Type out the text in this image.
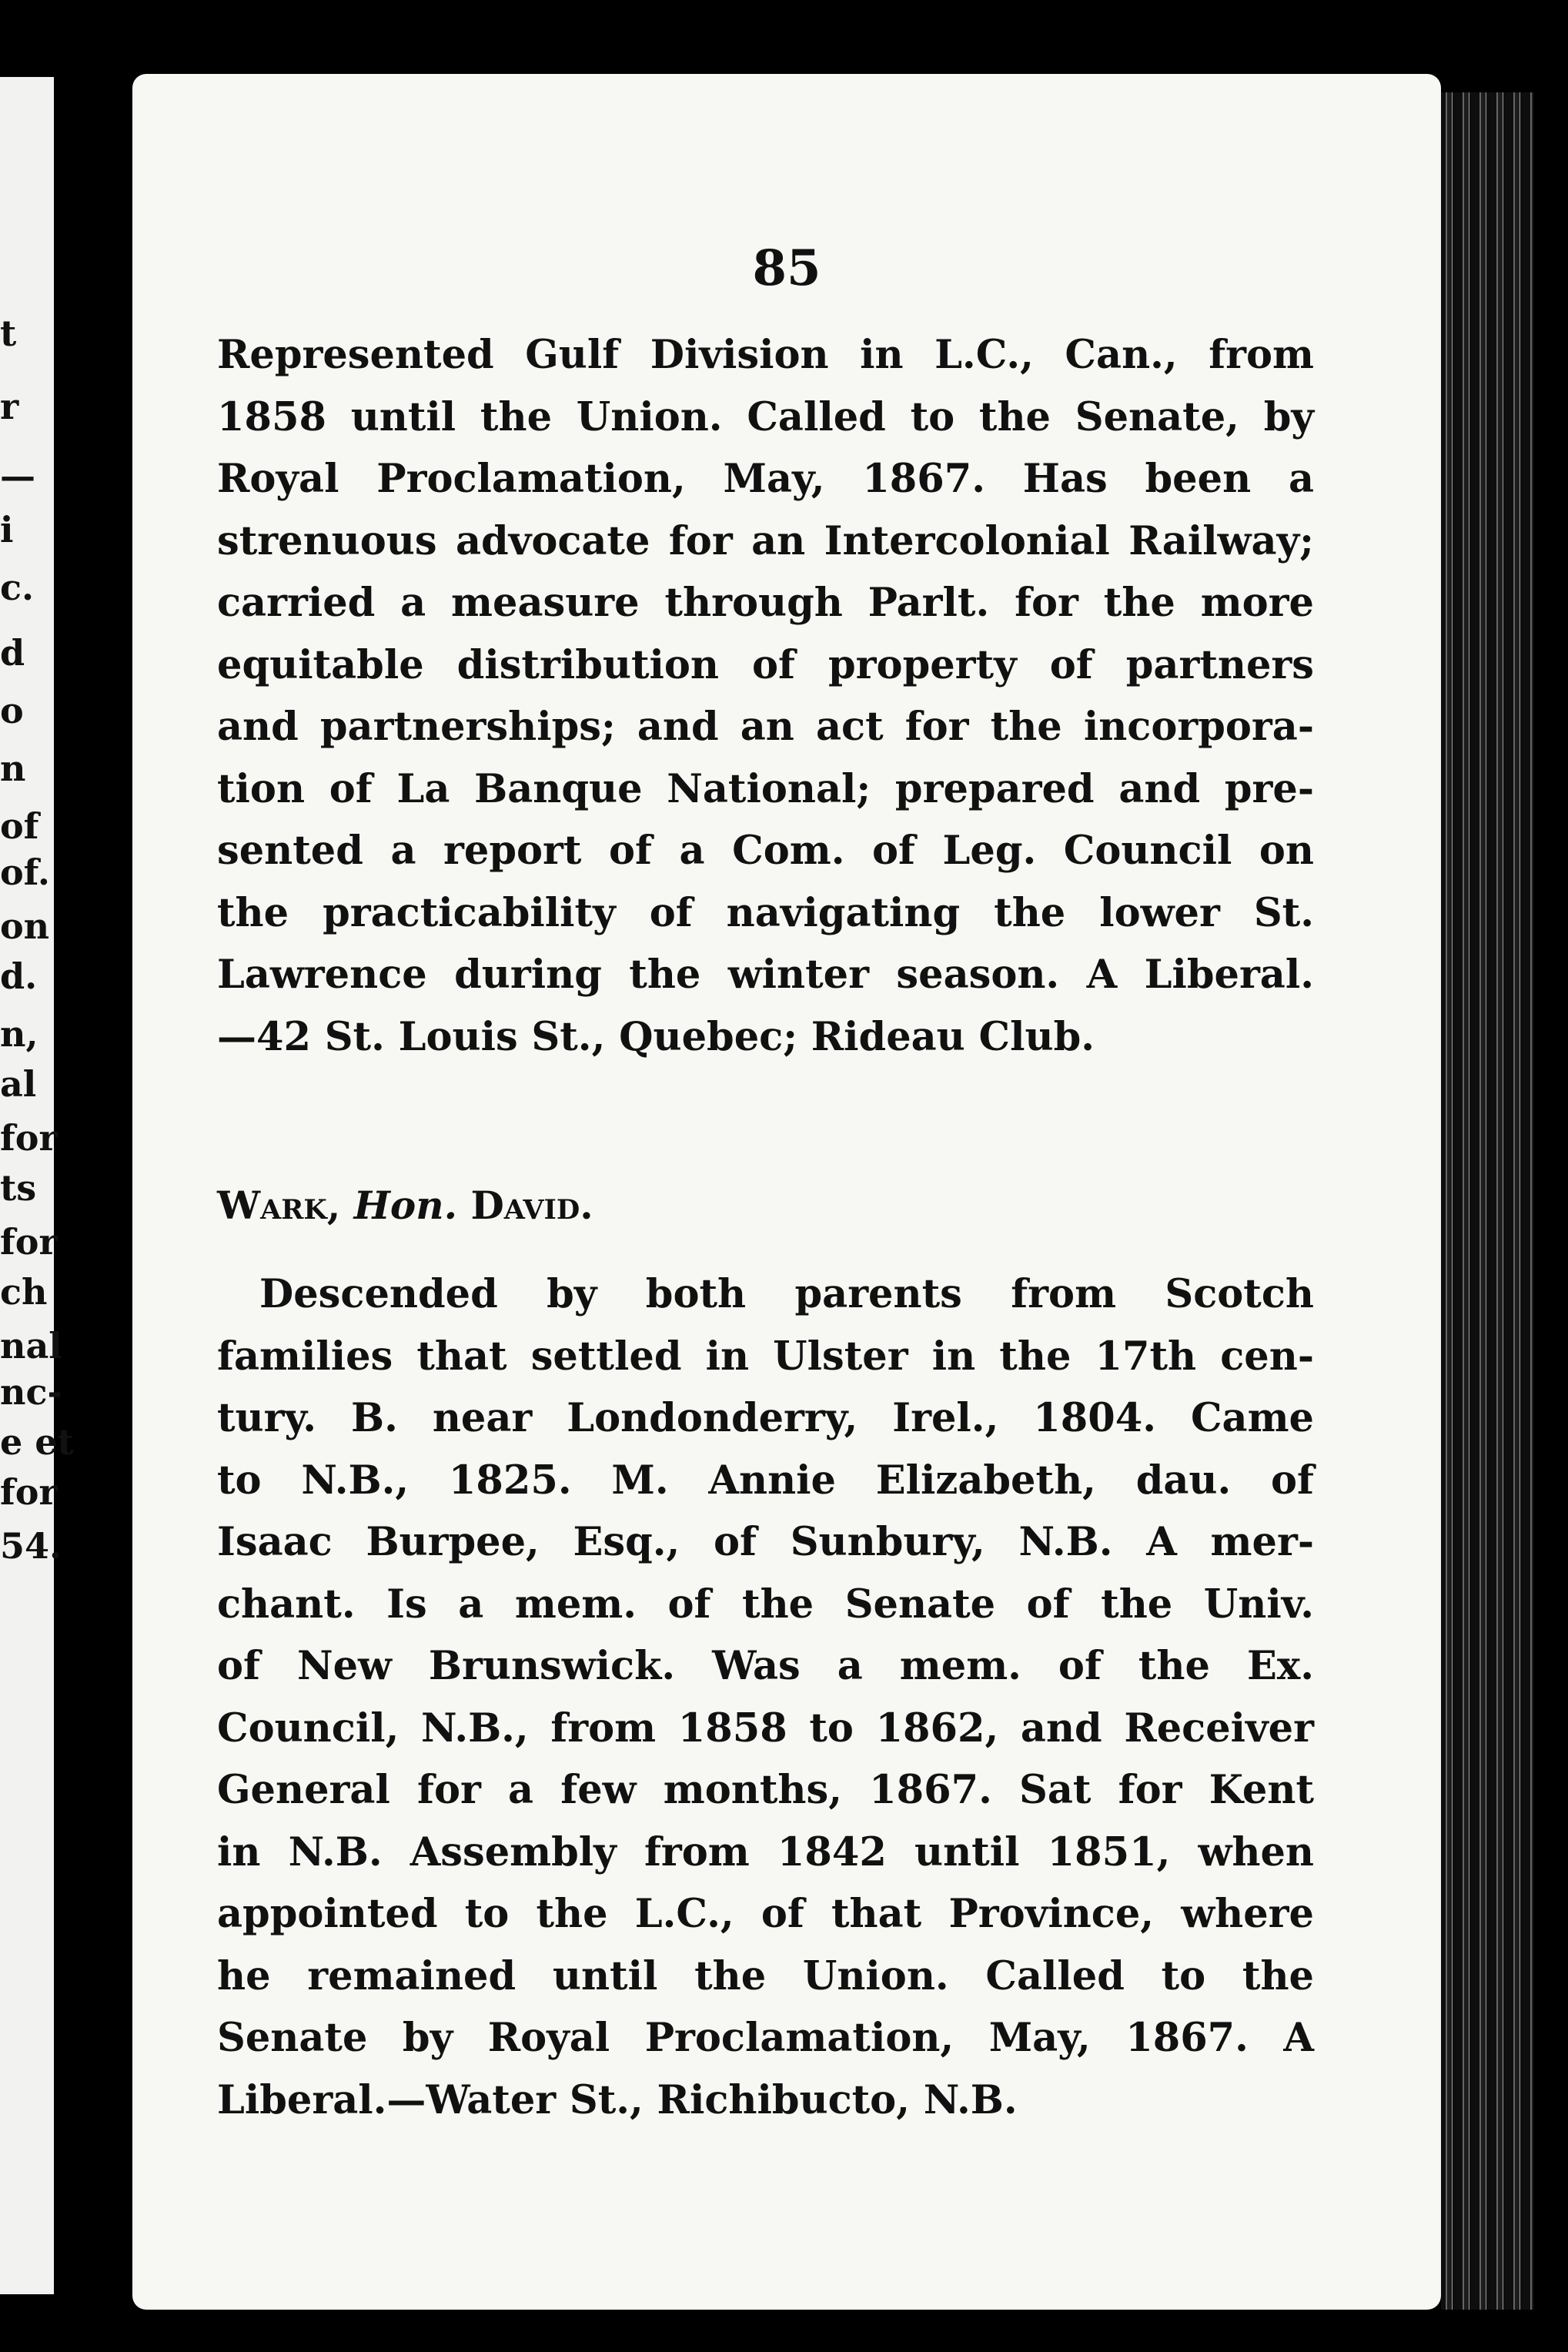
t
r
—
i
c.
d
o
n
of
of.
on
d.
n,
al
for
ts
for
ch
nal
nc-
e et
for
54.
85
Represented Gulf Division in L.C., Can., from
1858 until the Union. Called to the Senate, by
Royal Proclamation, May, 1867. Has been a
strenuous advocate for an Intercolonial Railway;
carried a measure through Parlt. for the more
equitable distribution of property of partners
and partnerships; and an act for the incorpora-
tion of La Banque National; prepared and pre-
sented a report of a Com. of Leg. Council on
the practicability of navigating the lower St.
Lawrence during the winter season. A Liberal.
—42 St. Louis St., Quebec; Rideau Club.
Wark, Hon. David.
Descended by both parents from Scotch
families that settled in Ulster in the 17th cen-
tury. B. near Londonderry, Irel., 1804. Came
to N.B., 1825. M. Annie Elizabeth, dau. of
Isaac Burpee, Esq., of Sunbury, N.B. A mer-
chant. Is a mem. of the Senate of the Univ.
of New Brunswick. Was a mem. of the Ex.
Council, N.B., from 1858 to 1862, and Receiver
General for a few months, 1867. Sat for Kent
in N.B. Assembly from 1842 until 1851, when
appointed to the L.C., of that Province, where
he remained until the Union. Called to the
Senate by Royal Proclamation, May, 1867. A
Liberal.—Water St., Richibucto, N.B.
